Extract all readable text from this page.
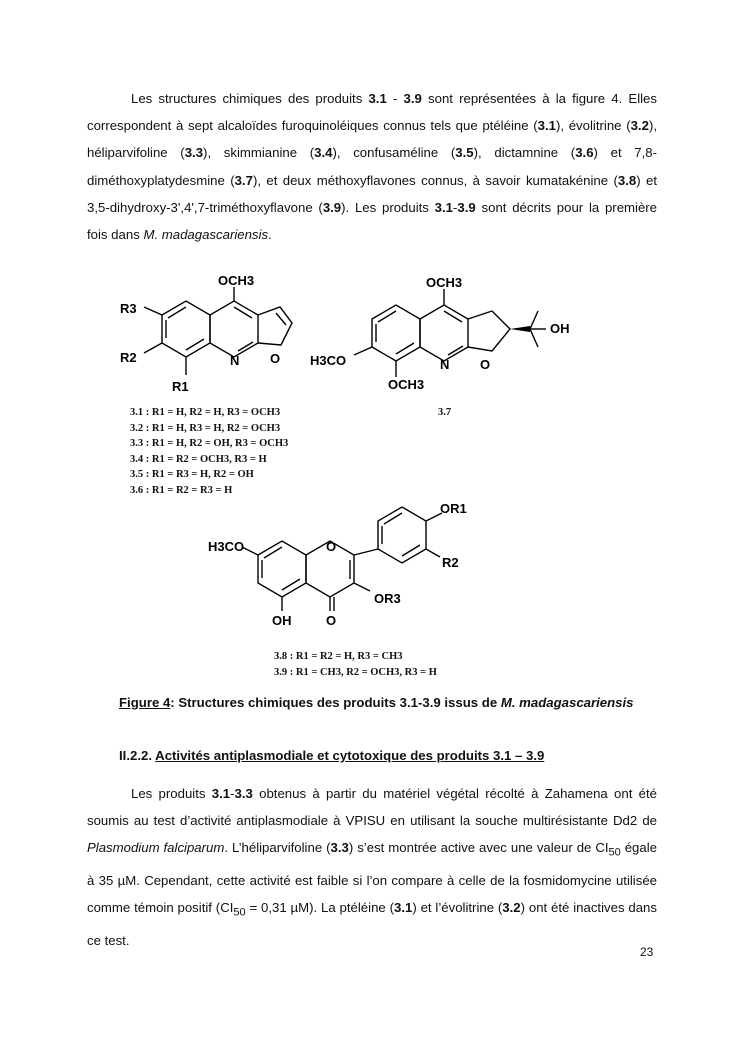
Les structures chimiques des produits 3.1 - 3.9 sont représentées à la figure 4. Elles correspondent à sept alcaloïdes furoquinoléiques connus tels que ptéléine (3.1), évolitrine (3.2), héliparvifoline (3.3), skimmianine (3.4), confusaméline (3.5), dictamnine (3.6) et 7,8-diméthoxyplatydesmine (3.7), et deux méthoxyflavones connus, à savoir kumatakénine (3.8) et 3,5-dihydroxy-3',4',7-triméthoxyflavone (3.9). Les produits 3.1-3.9 sont décrits pour la première fois dans M. madagascariensis.
OCH3
R3
R2
R1
N O
OCH3
H3CO
OCH3
N O
OH
H3CO	O
OR1
R2
OR3
OH	O
3.1 : R1 = H, R2 = H, R3 = OCH3
3.2 : R1 = H, R3 = H, R2 = OCH3
3.3 : R1 = H, R2 = OH, R3 = OCH3
3.4 : R1 = R2 = OCH3, R3 = H
3.5 : R1 = R3 = H, R2 = OH
3.6 : R1 = R2 = R3 = H
3.7
3.8 : R1 = R2 = H, R3 = CH3
3.9 : R1 = CH3, R2 = OCH3, R3 = H
Figure 4: Structures chimiques des produits 3.1-3.9 issus de M. madagascariensis
II.2.2. Activités antiplasmodiale et cytotoxique des produits 3.1 – 3.9
Les produits 3.1-3.3 obtenus à partir du matériel végétal récolté à Zahamena ont été soumis au test d’activité antiplasmodiale à VPISU en utilisant la souche multirésistante Dd2 de Plasmodium falciparum. L’héliparvifoline (3.3) s’est montrée active avec une valeur de $CI_{50}$ égale à 35 µM. Cependant, cette activité est faible si l’on compare à celle de la fosmidomycine utilisée comme témoin positif ($CI_{50} = 0,31$ µM). La ptéléine (3.1) et l’évolitrine (3.2) ont été inactives dans ce test.
23
